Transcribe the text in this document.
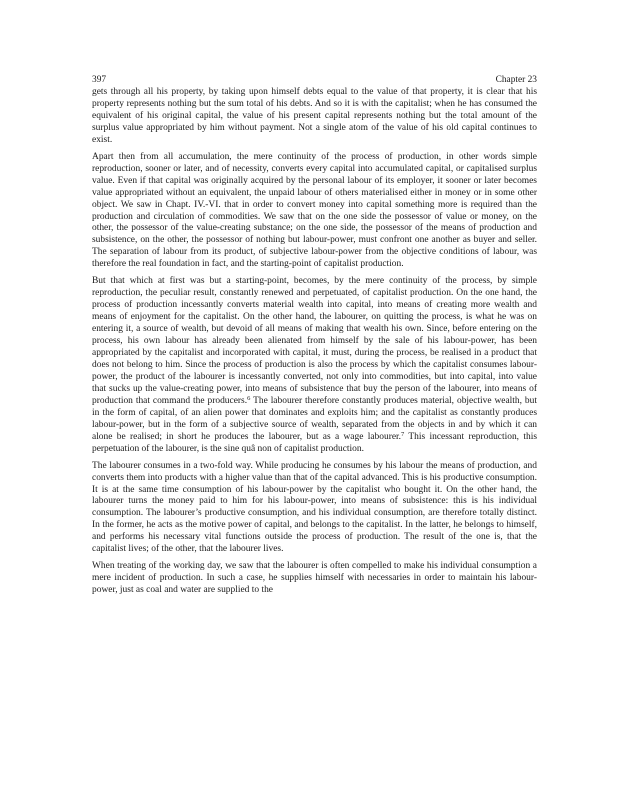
397	Chapter 23

gets through all his property, by taking upon himself debts equal to the value of that property, it is clear that his property represents nothing but the sum total of his debts. And so it is with the capitalist; when he has consumed the equivalent of his original capital, the value of his present capital represents nothing but the total amount of the surplus value appropriated by him without payment. Not a single atom of the value of his old capital continues to exist.

Apart then from all accumulation, the mere continuity of the process of production, in other words simple reproduction, sooner or later, and of necessity, converts every capital into accumulated capital, or capitalised surplus value. Even if that capital was originally acquired by the personal labour of its employer, it sooner or later becomes value appropriated without an equivalent, the unpaid labour of others materialised either in money or in some other object. We saw in Chapt. IV.-VI. that in order to convert money into capital something more is required than the production and circulation of commodities. We saw that on the one side the possessor of value or money, on the other, the possessor of the value-creating substance; on the one side, the possessor of the means of production and subsistence, on the other, the possessor of nothing but labour-power, must confront one another as buyer and seller. The separation of labour from its product, of subjective labour-power from the objective conditions of labour, was therefore the real foundation in fact, and the starting-point of capitalist production.

But that which at first was but a starting-point, becomes, by the mere continuity of the process, by simple reproduction, the peculiar result, constantly renewed and perpetuated, of capitalist production. On the one hand, the process of production incessantly converts material wealth into capital, into means of creating more wealth and means of enjoyment for the capitalist. On the other hand, the labourer, on quitting the process, is what he was on entering it, a source of wealth, but devoid of all means of making that wealth his own. Since, before entering on the process, his own labour has already been alienated from himself by the sale of his labour-power, has been appropriated by the capitalist and incorporated with capital, it must, during the process, be realised in a product that does not belong to him. Since the process of production is also the process by which the capitalist consumes labour-power, the product of the labourer is incessantly converted, not only into commodities, but into capital, into value that sucks up the value-creating power, into means of subsistence that buy the person of the labourer, into means of production that command the producers.$^6$ The labourer therefore constantly produces material, objective wealth, but in the form of capital, of an alien power that dominates and exploits him; and the capitalist as constantly produces labour-power, but in the form of a subjective source of wealth, separated from the objects in and by which it can alone be realised; in short he produces the labourer, but as a wage labourer.$^7$ This incessant reproduction, this perpetuation of the labourer, is the sine quâ non of capitalist production.

The labourer consumes in a two-fold way. While producing he consumes by his labour the means of production, and converts them into products with a higher value than that of the capital advanced. This is his productive consumption. It is at the same time consumption of his labour-power by the capitalist who bought it. On the other hand, the labourer turns the money paid to him for his labour-power, into means of subsistence: this is his individual consumption. The labourer’s productive consumption, and his individual consumption, are therefore totally distinct. In the former, he acts as the motive power of capital, and belongs to the capitalist. In the latter, he belongs to himself, and performs his necessary vital functions outside the process of production. The result of the one is, that the capitalist lives; of the other, that the labourer lives.

When treating of the working day, we saw that the labourer is often compelled to make his individual consumption a mere incident of production. In such a case, he supplies himself with necessaries in order to maintain his labour-power, just as coal and water are supplied to the
